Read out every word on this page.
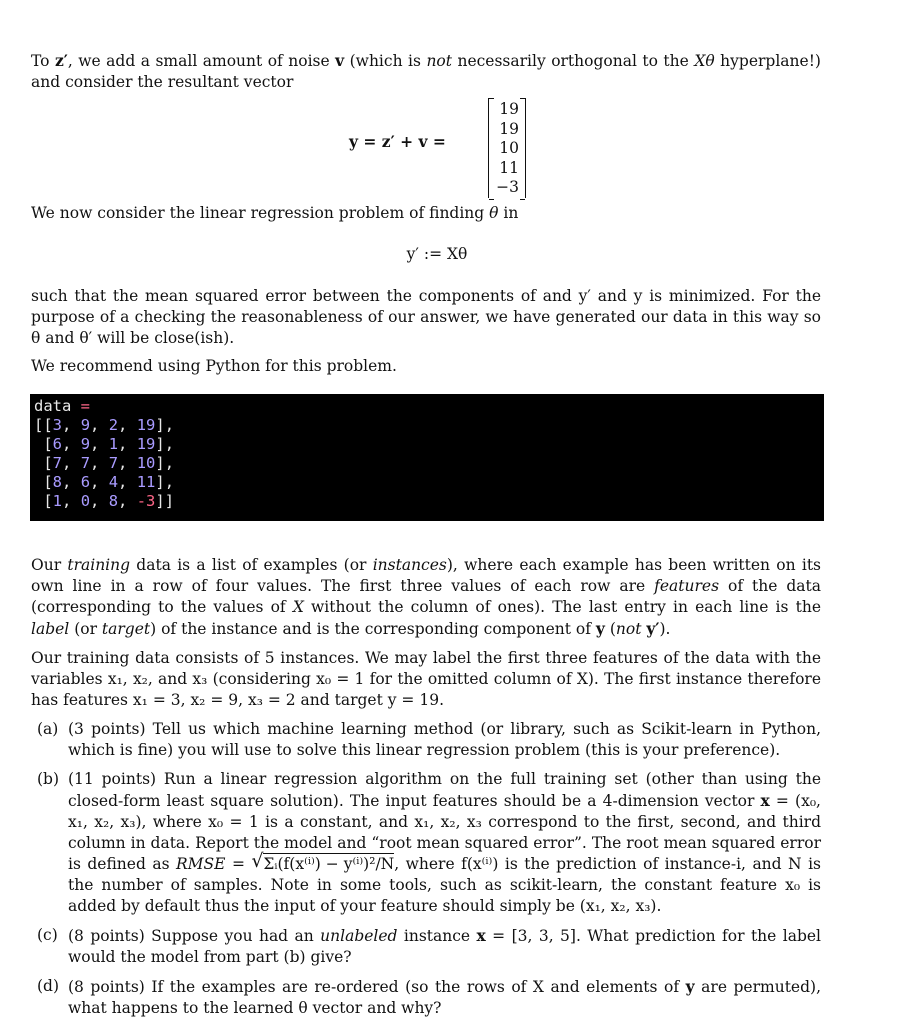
To z′, we add a small amount of noise v (which is not necessarily orthogonal to the Xθ hyperplane!) and consider the resultant vector

y = z′ + v =
19
19
10
11
−3

We now consider the linear regression problem of finding θ in

y′ := Xθ

such that the mean squared error between the components of and y′ and y is minimized. For the purpose of a checking the reasonableness of our answer, we have generated our data in this way so θ and θ′ will be close(ish).

We recommend using Python for this problem.

data =
[[3, 9, 2, 19],
[6, 9, 1, 19],
[7, 7, 7, 10],
[8, 6, 4, 11],
[1, 0, 8, -3]]

Our training data is a list of examples (or instances), where each example has been written on its own line in a row of four values. The first three values of each row are features of the data (corresponding to the values of X without the column of ones). The last entry in each line is the label (or target) of the instance and is the corresponding component of y (not y′).

Our training data consists of 5 instances. We may label the first three features of the data with the variables x₁, x₂, and x₃ (considering x₀ = 1 for the omitted column of X). The first instance therefore has features x₁ = 3, x₂ = 9, x₃ = 2 and target y = 19.

(a) (3 points) Tell us which machine learning method (or library, such as Scikit-learn in Python, which is fine) you will use to solve this linear regression problem (this is your preference).
(b) (11 points) Run a linear regression algorithm on the full training set (other than using the closed-form least square solution). The input features should be a 4-dimension vector x = (x₀, x₁, x₂, x₃), where x₀ = 1 is a constant, and x₁, x₂, x₃ correspond to the first, second, and third column in data. Report the model and “root mean squared error”. The root mean squared error is defined as RMSE = √ Σᵢ(f(x⁽ⁱ⁾) − y⁽ⁱ⁾)²/N, where f(x⁽ⁱ⁾) is the prediction of instance-i, and N is the number of samples. Note in some tools, such as scikit-learn, the constant feature x₀ is added by default thus the input of your feature should simply be (x₁, x₂, x₃).
(c) (8 points) Suppose you had an unlabeled instance x = [3, 3, 5]. What prediction for the label would the model from part (b) give?
(d) (8 points) If the examples are re-ordered (so the rows of X and elements of y are permuted), what happens to the learned θ vector and why?
